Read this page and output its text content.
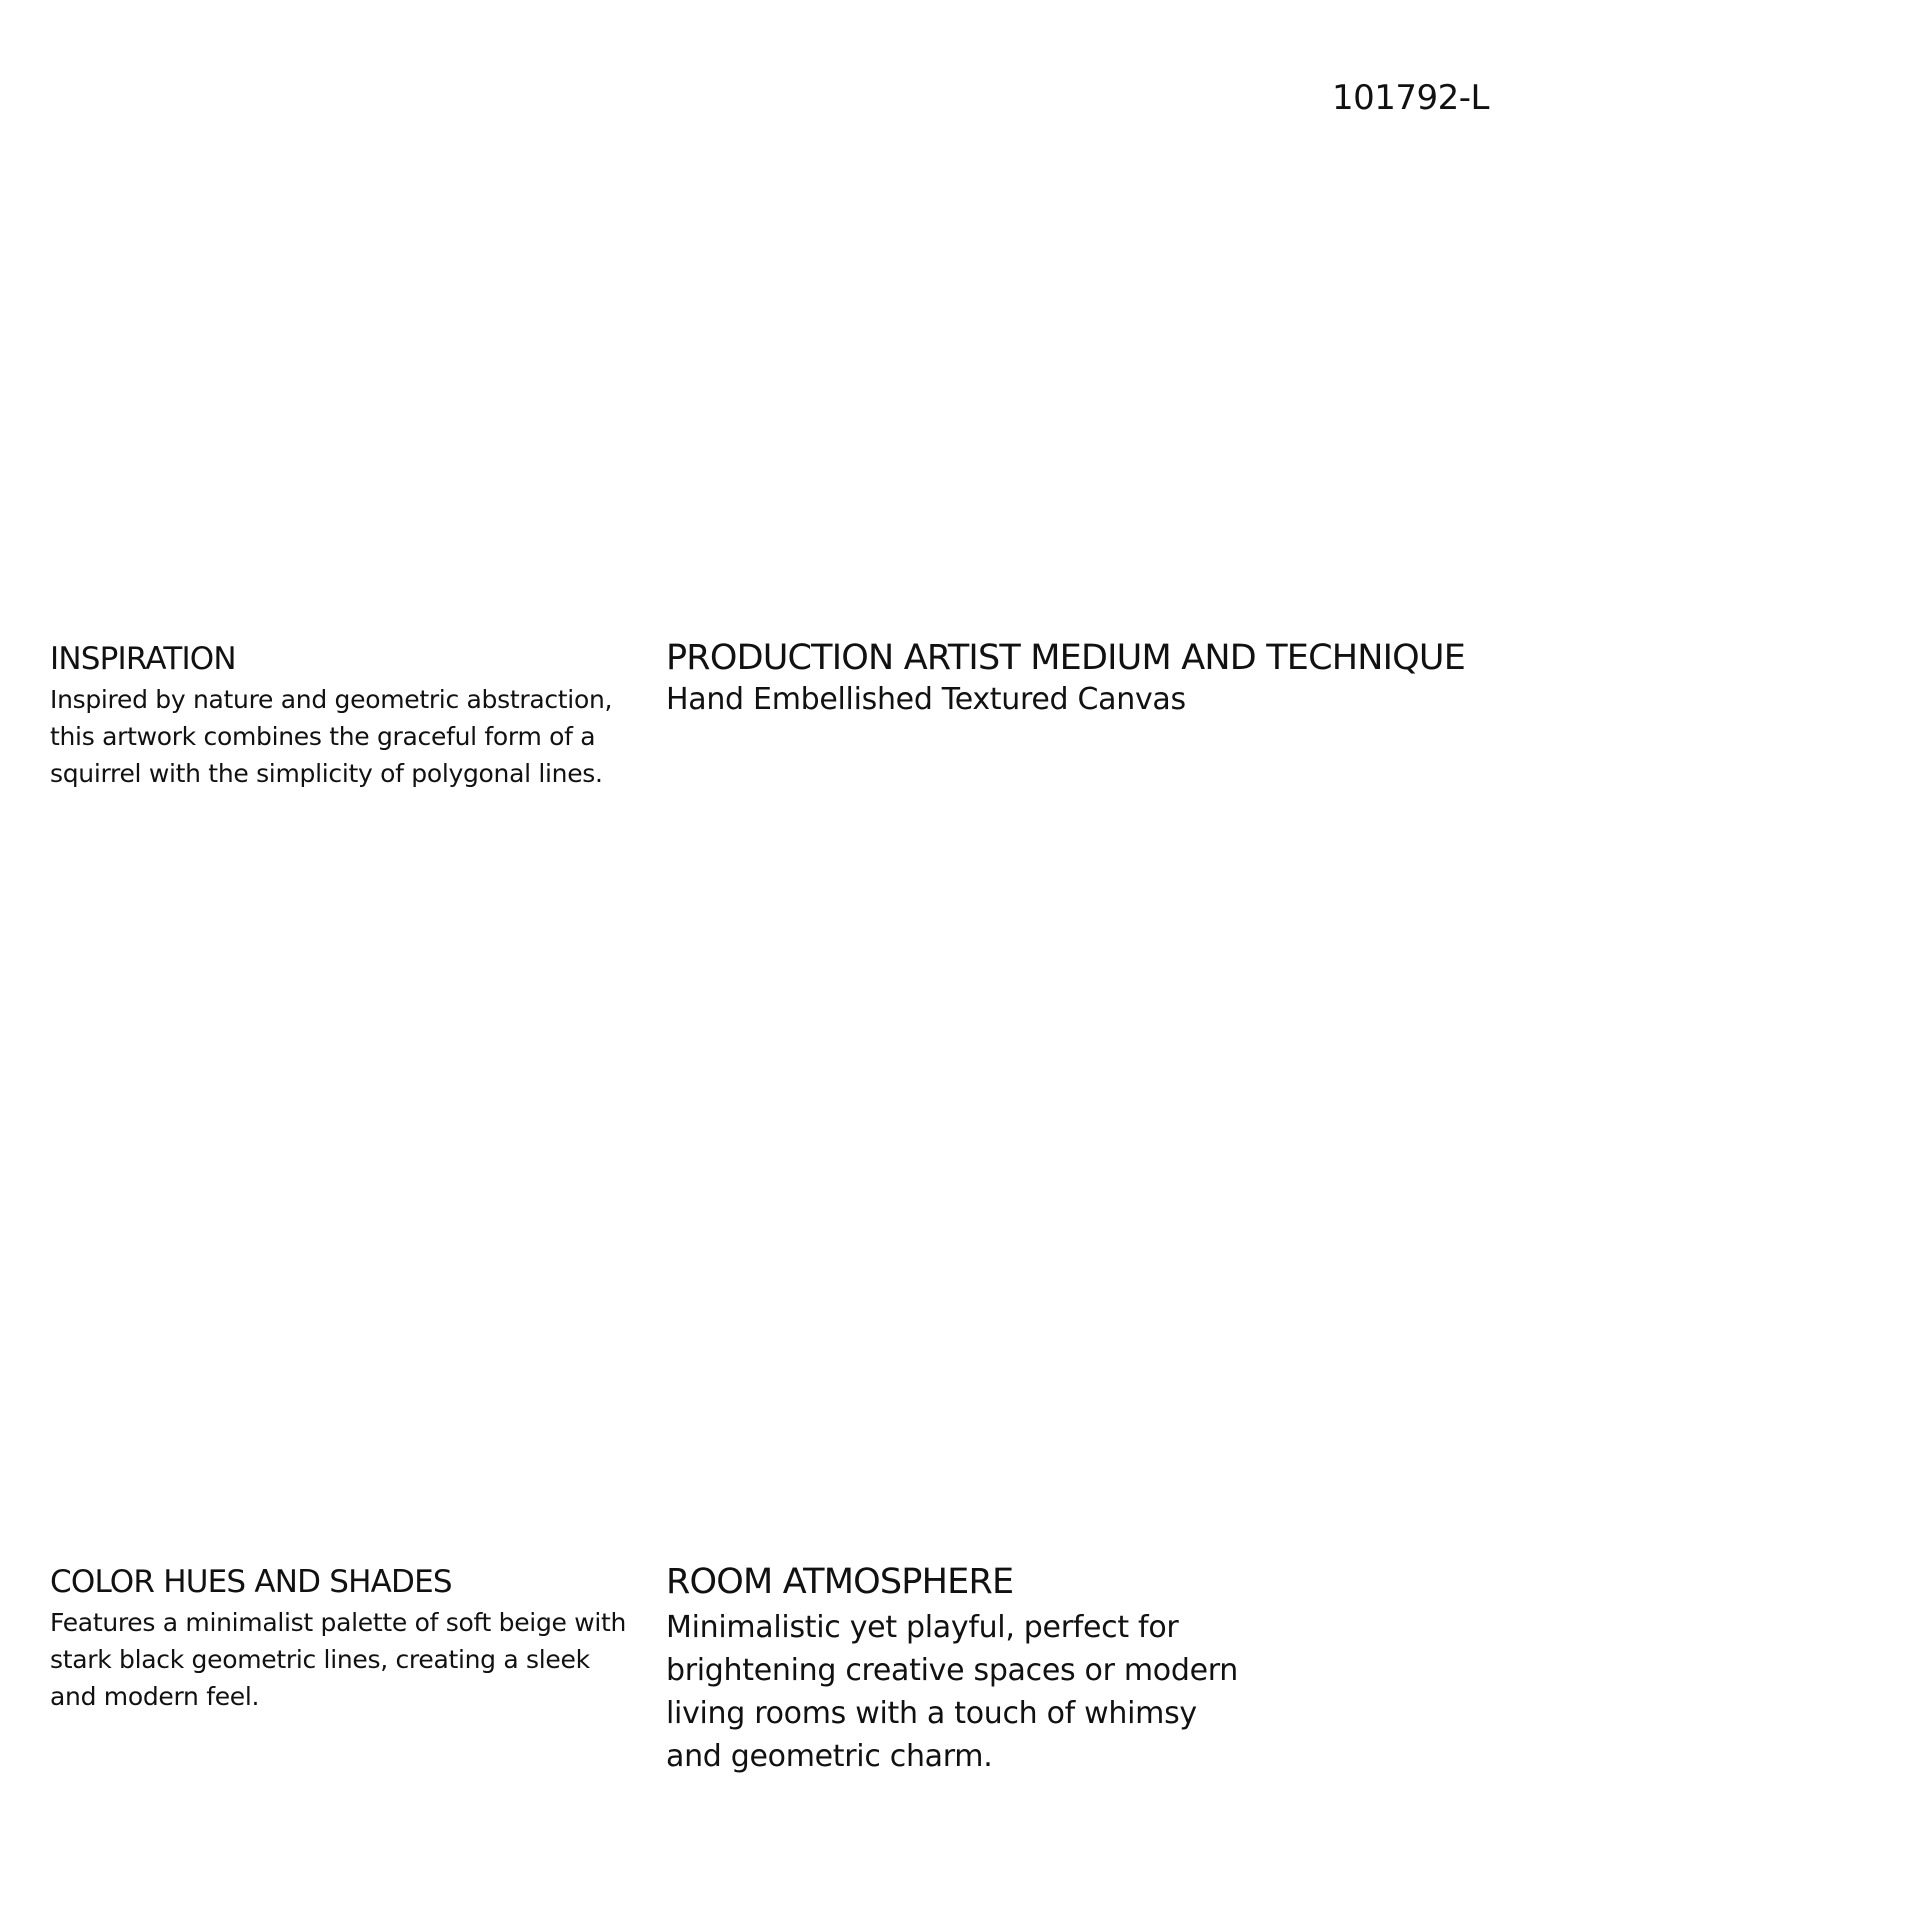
101792-L
INSPIRATION

Inspired by nature and geometric abstraction, this artwork combines the graceful form of a squirrel with the simplicity of polygonal lines.

PRODUCTION ARTIST MEDIUM AND TECHNIQUE

Hand Embellished Textured Canvas

COLOR HUES AND SHADES

Features a minimalist palette of soft beige with stark black geometric lines, creating a sleek and modern feel.

ROOM ATMOSPHERE

Minimalistic yet playful, perfect for brightening creative spaces or modern living rooms with a touch of whimsy and geometric charm.
